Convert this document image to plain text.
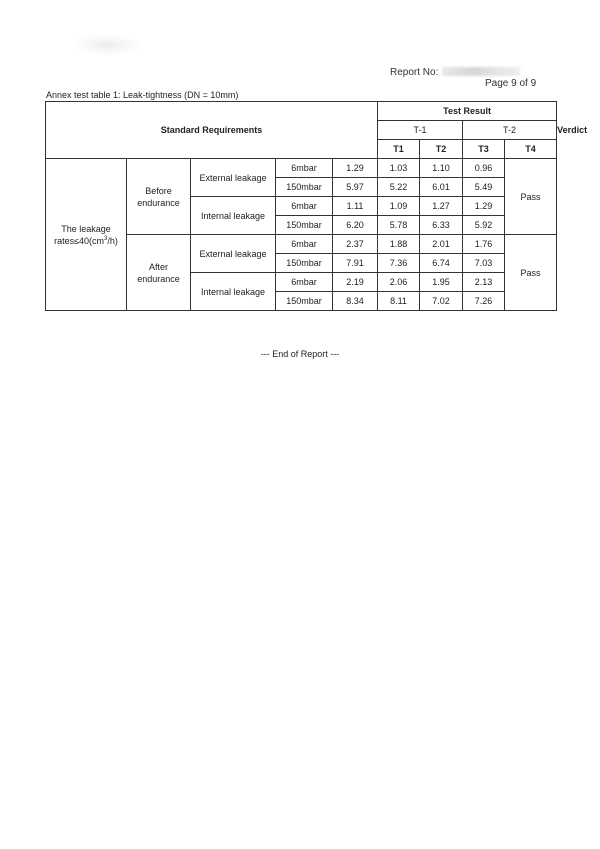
Report No:
Page 9 of 9
Annex test table 1: Leak-tightness (DN = 10mm)
Standard Requirements					Test Result				Verdict
					T-1		T-2		
					T1	T2	T3	T4	
The leakage $rates\le 40(cm^3/h)$	Before endurance	External leakage	6mbar	1.29	1.03	1.10	0.96	Pass	
			150mbar	5.97	5.22	6.01	5.49		
		Internal leakage	6mbar	1.11	1.09	1.27	1.29		
			150mbar	6.20	5.78	6.33	5.92		
	After endurance	External leakage	6mbar	2.37	1.88	2.01	1.76	Pass	
			150mbar	7.91	7.36	6.74	7.03		
		Internal leakage	6mbar	2.19	2.06	1.95	2.13		
			150mbar	8.34	8.11	7.02	7.26		
--- End of Report ---
